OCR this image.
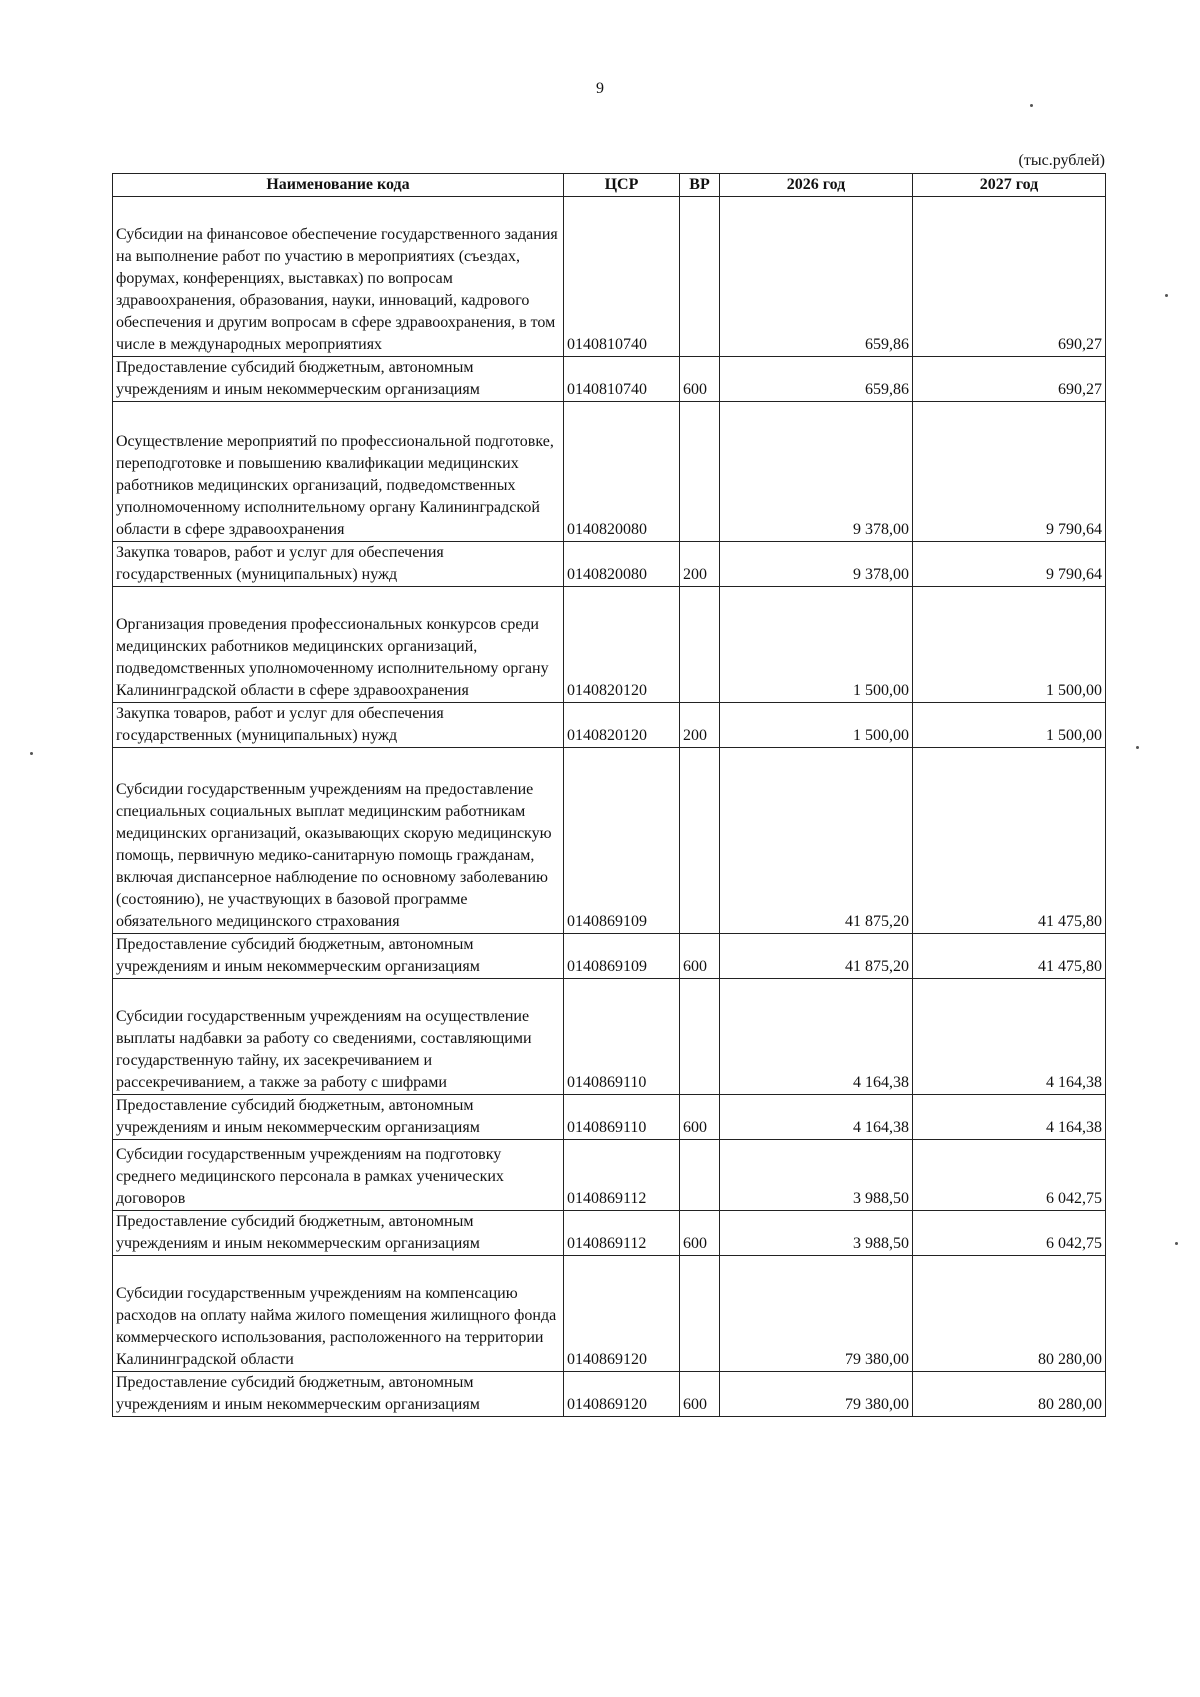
9
(тыс.рублей)
Наименование кода	ЦСР	ВР	2026 год	2027 год
Субсидии на финансовое обеспечение государственного задания на выполнение работ по участию в мероприятиях (съездах, форумах, конференциях, выставках) по вопросам здравоохранения, образования, науки, инноваций, кадрового обеспечения и другим вопросам в сфере здравоохранения, в том числе в международных мероприятиях	0140810740		659,86	690,27
Предоставление субсидий бюджетным, автономным учреждениям и иным некоммерческим организациям	0140810740	600	659,86	690,27
Осуществление мероприятий по профессиональной подготовке, переподготовке и повышению квалификации медицинских работников медицинских организаций, подведомственных уполномоченному исполнительному органу Калининградской области в сфере здравоохранения	0140820080		9 378,00	9 790,64
Закупка товаров, работ и услуг для обеспечения государственных (муниципальных) нужд	0140820080	200	9 378,00	9 790,64
Организация проведения профессиональных конкурсов среди медицинских работников медицинских организаций, подведомственных уполномоченному исполнительному органу Калининградской области в сфере здравоохранения	0140820120		1 500,00	1 500,00
Закупка товаров, работ и услуг для обеспечения государственных (муниципальных) нужд	0140820120	200	1 500,00	1 500,00
Субсидии государственным учреждениям на предоставление специальных социальных выплат медицинским работникам медицинских организаций, оказывающих скорую медицинскую помощь, первичную медико-санитарную помощь гражданам, включая диспансерное наблюдение по основному заболеванию (состоянию), не участвующих в базовой программе обязательного медицинского страхования	0140869109		41 875,20	41 475,80
Предоставление субсидий бюджетным, автономным учреждениям и иным некоммерческим организациям	0140869109	600	41 875,20	41 475,80
Субсидии государственным учреждениям на осуществление выплаты надбавки за работу со сведениями, составляющими государственную тайну, их засекречиванием и рассекречиванием, а также за работу с шифрами	0140869110		4 164,38	4 164,38
Предоставление субсидий бюджетным, автономным учреждениям и иным некоммерческим организациям	0140869110	600	4 164,38	4 164,38
Субсидии государственным учреждениям на подготовку среднего медицинского персонала в рамках ученических договоров	0140869112		3 988,50	6 042,75
Предоставление субсидий бюджетным, автономным учреждениям и иным некоммерческим организациям	0140869112	600	3 988,50	6 042,75
Субсидии государственным учреждениям на компенсацию расходов на оплату найма жилого помещения жилищного фонда коммерческого использования, расположенного на территории Калининградской области	0140869120		79 380,00	80 280,00
Предоставление субсидий бюджетным, автономным учреждениям и иным некоммерческим организациям	0140869120	600	79 380,00	80 280,00
